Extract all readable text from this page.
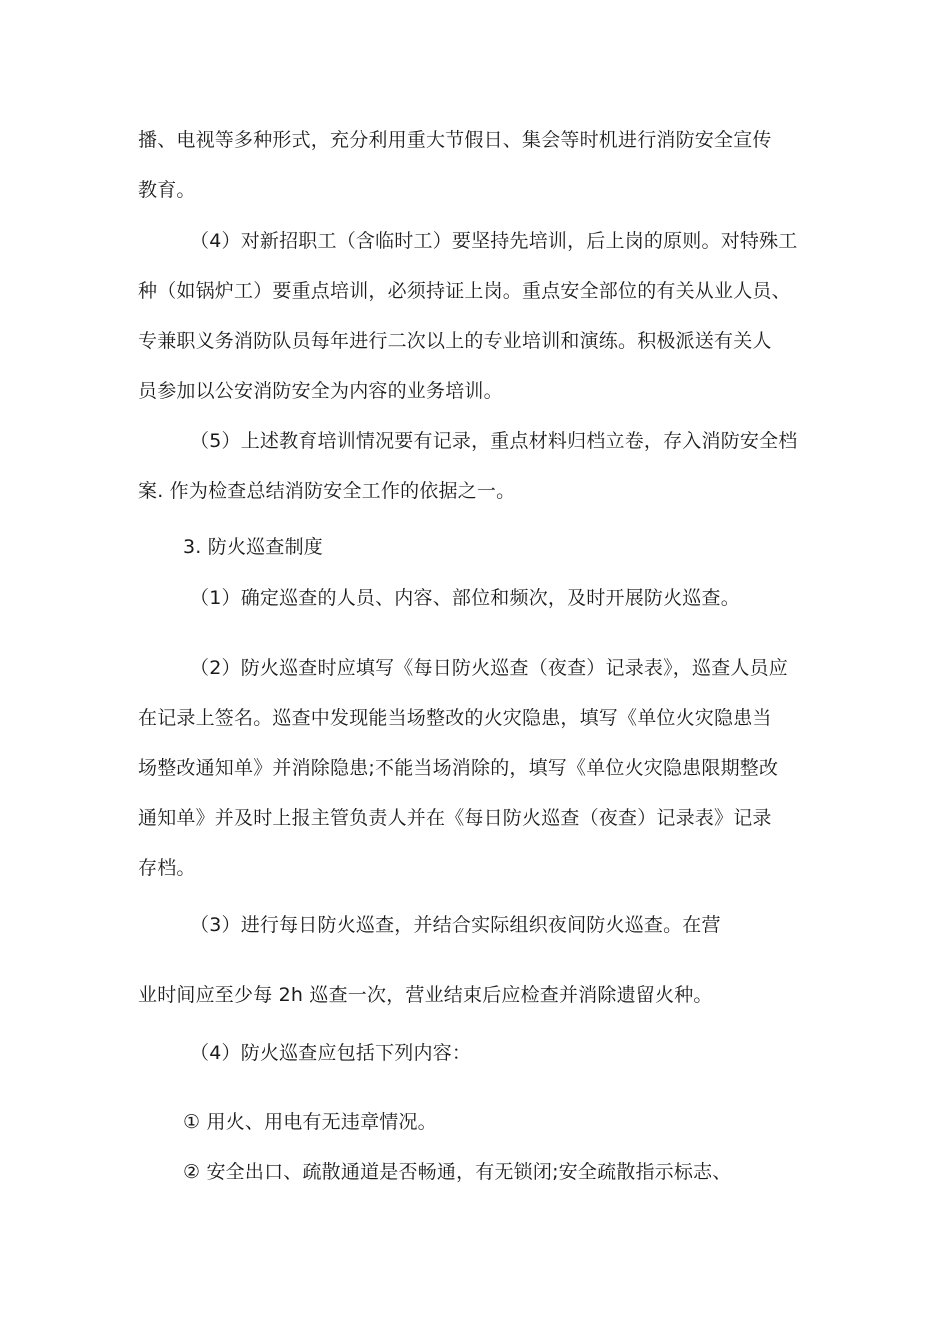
播、电视等多种形式，充分利用重大节假日、集会等时机进行消防安全宣传

教育。

（4）对新招职工（含临时工）要坚持先培训，后上岗的原则。对特殊工

种（如锅炉工）要重点培训，必须持证上岗。重点安全部位的有关从业人员、

专兼职义务消防队员每年进行二次以上的专业培训和演练。积极派送有关人

员参加以公安消防安全为内容的业务培训。

（5）上述教育培训情况要有记录，重点材料归档立卷，存入消防安全档

案. 作为检查总结消防安全工作的依据之一。

3. 防火巡查制度

（1）确定巡查的人员、内容、部位和频次，及时开展防火巡查。

（2）防火巡查时应填写《每日防火巡查（夜查）记录表》，巡查人员应

在记录上签名。巡查中发现能当场整改的火灾隐患，填写《单位火灾隐患当

场整改通知单》并消除隐患;不能当场消除的，填写《单位火灾隐患限期整改

通知单》并及时上报主管负责人并在《每日防火巡查（夜查）记录表》记录

存档。

（3）进行每日防火巡查，并结合实际组织夜间防火巡查。在营

业时间应至少每 2h 巡查一次，营业结束后应检查并消除遗留火种。

（4）防火巡查应包括下列内容：

① 用火、用电有无违章情况。

② 安全出口、疏散通道是否畅通，有无锁闭;安全疏散指示标志、
